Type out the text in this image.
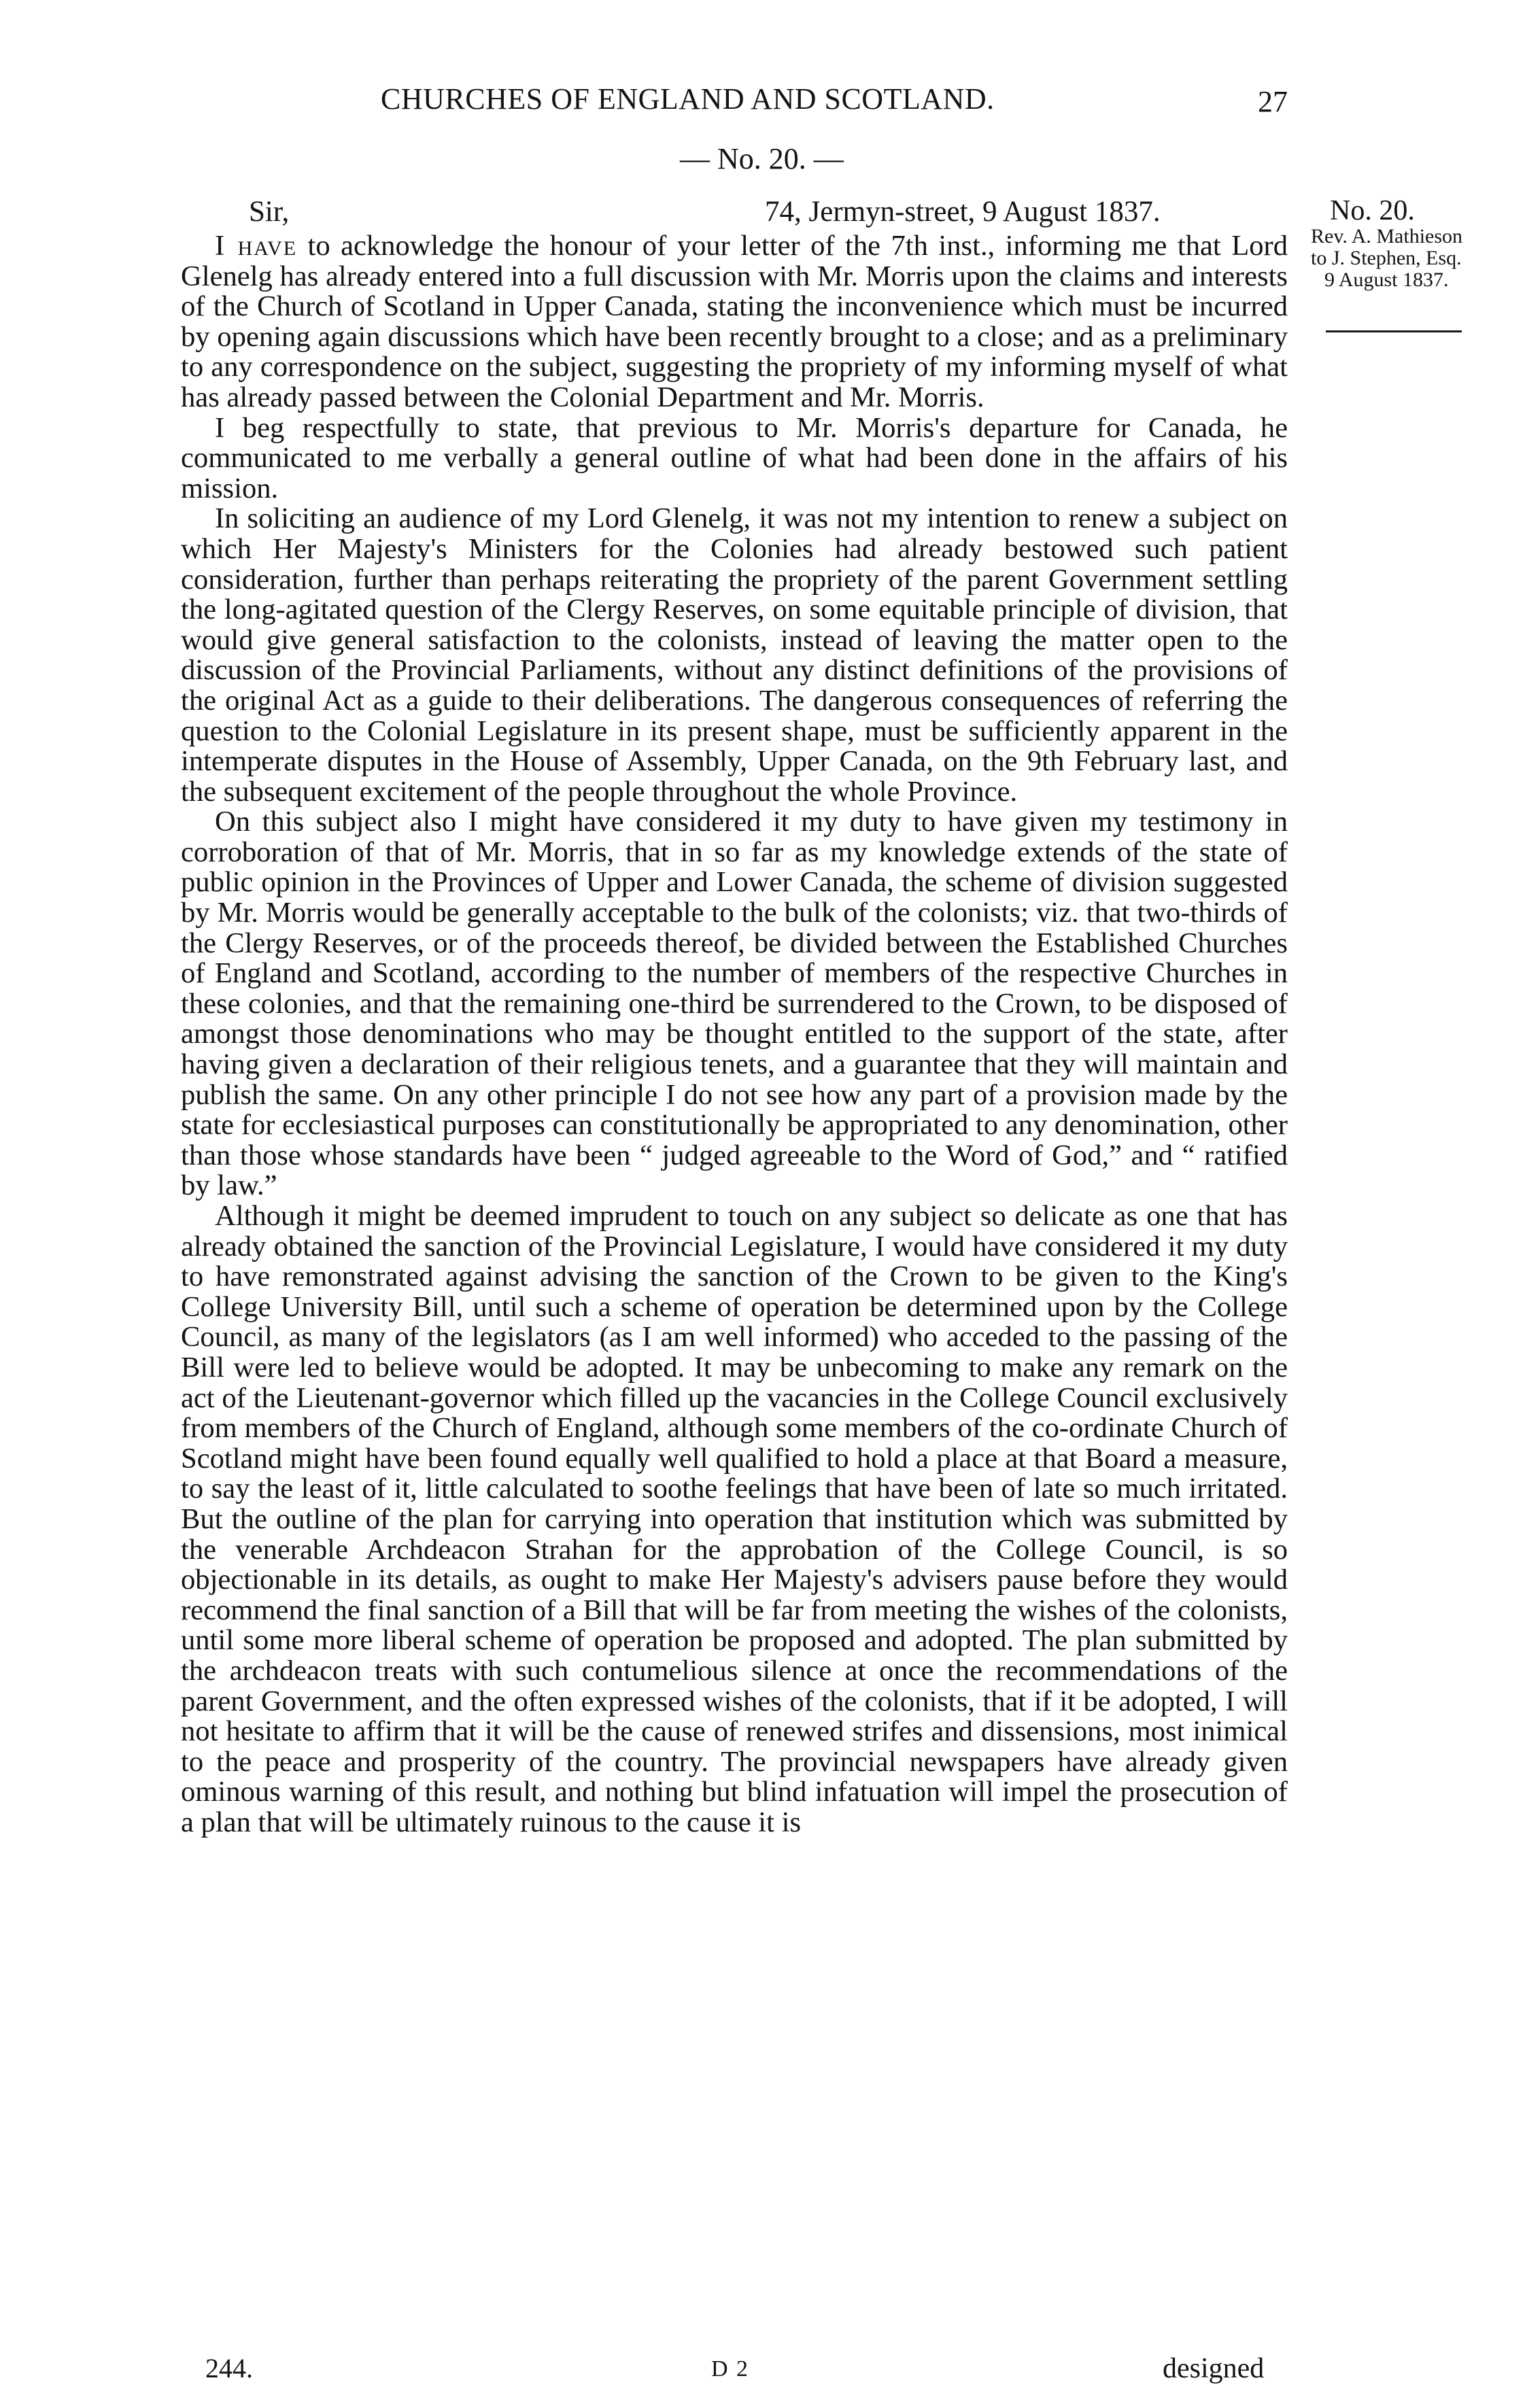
CHURCHES OF ENGLAND AND SCOTLAND.	27
— No. 20. —
Sir,	74, Jermyn-street, 9 August 1837.	No. 20.
Rev. A. Mathieson
to J. Stephen, Esq.
9 August 1837.

I have to acknowledge the honour of your letter of the 7th inst., informing me that Lord Glenelg has already entered into a full discussion with Mr. Morris upon the claims and interests of the Church of Scotland in Upper Canada, stating the inconvenience which must be incurred by opening again discussions which have been recently brought to a close; and as a preliminary to any correspondence on the subject, suggesting the propriety of my informing myself of what has already passed between the Colonial Department and Mr. Morris.

I beg respectfully to state, that previous to Mr. Morris's departure for Canada, he communicated to me verbally a general outline of what had been done in the affairs of his mission.

In soliciting an audience of my Lord Glenelg, it was not my intention to renew a subject on which Her Majesty's Ministers for the Colonies had already bestowed such patient consideration, further than perhaps reiterating the propriety of the parent Government settling the long-agitated question of the Clergy Reserves, on some equitable principle of division, that would give general satisfaction to the colonists, instead of leaving the matter open to the discussion of the Provincial Parliaments, without any distinct definitions of the provisions of the original Act as a guide to their deliberations. The dangerous consequences of referring the question to the Colonial Legislature in its present shape, must be sufficiently apparent in the intemperate disputes in the House of Assembly, Upper Canada, on the 9th February last, and the subsequent excitement of the people throughout the whole Province.

On this subject also I might have considered it my duty to have given my testimony in corroboration of that of Mr. Morris, that in so far as my knowledge extends of the state of public opinion in the Provinces of Upper and Lower Canada, the scheme of division suggested by Mr. Morris would be generally acceptable to the bulk of the colonists; viz. that two-thirds of the Clergy Reserves, or of the proceeds thereof, be divided between the Established Churches of England and Scotland, according to the number of members of the respective Churches in these colonies, and that the remaining one-third be surrendered to the Crown, to be disposed of amongst those denominations who may be thought entitled to the support of the state, after having given a declaration of their religious tenets, and a guarantee that they will maintain and publish the same. On any other principle I do not see how any part of a provision made by the state for ecclesiastical purposes can constitutionally be appropriated to any denomination, other than those whose standards have been “ judged agreeable to the Word of God,” and “ ratified by law.”

Although it might be deemed imprudent to touch on any subject so delicate as one that has already obtained the sanction of the Provincial Legislature, I would have considered it my duty to have remonstrated against advising the sanction of the Crown to be given to the King's College University Bill, until such a scheme of operation be determined upon by the College Council, as many of the legislators (as I am well informed) who acceded to the passing of the Bill were led to believe would be adopted. It may be unbecoming to make any remark on the act of the Lieutenant-governor which filled up the vacancies in the College Council exclusively from members of the Church of England, although some members of the co-ordinate Church of Scotland might have been found equally well qualified to hold a place at that Board a measure, to say the least of it, little calculated to soothe feelings that have been of late so much irritated. But the outline of the plan for carrying into operation that institution which was submitted by the venerable Archdeacon Strahan for the approbation of the College Council, is so objectionable in its details, as ought to make Her Majesty's advisers pause before they would recommend the final sanction of a Bill that will be far from meeting the wishes of the colonists, until some more liberal scheme of operation be proposed and adopted. The plan submitted by the archdeacon treats with such contumelious silence at once the recommendations of the parent Government, and the often expressed wishes of the colonists, that if it be adopted, I will not hesitate to affirm that it will be the cause of renewed strifes and dissensions, most inimical to the peace and prosperity of the country. The provincial newspapers have already given ominous warning of this result, and nothing but blind infatuation will impel the prosecution of a plan that will be ultimately ruinous to the cause it is

244.	D 2	designed
